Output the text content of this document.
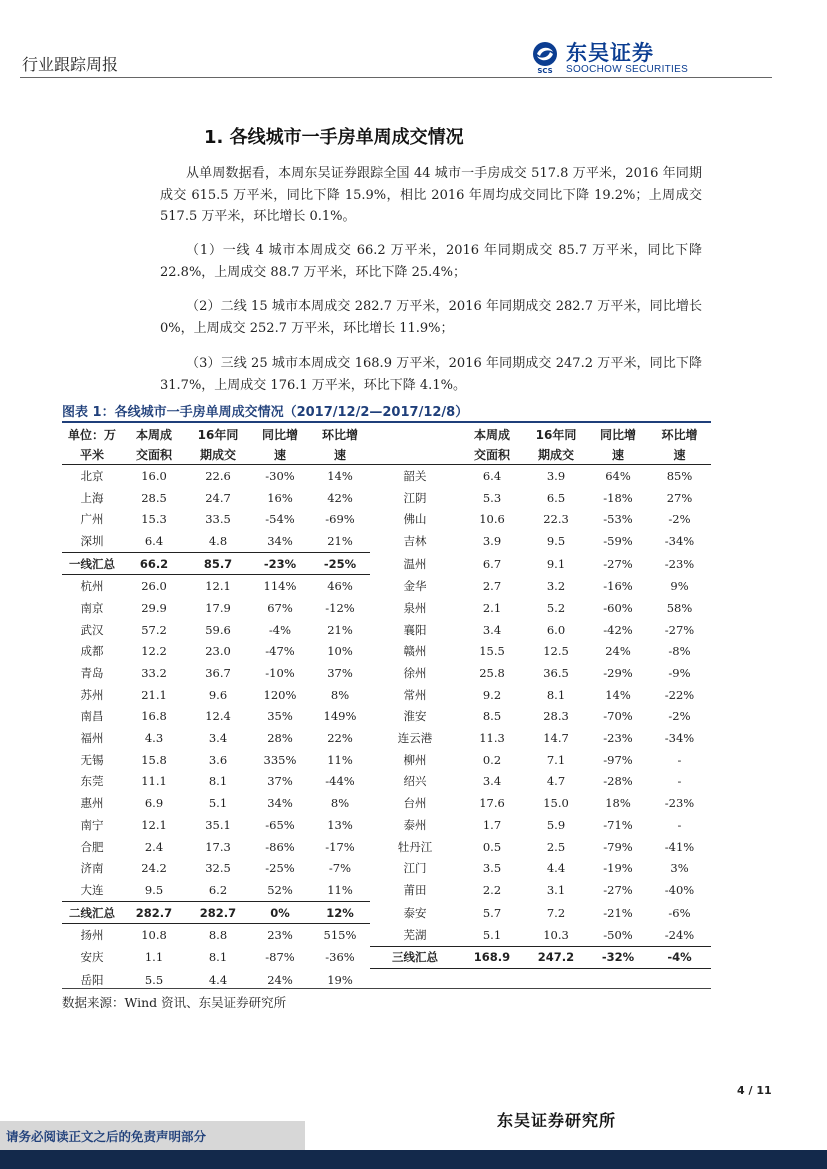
行业跟踪周报	SCS
东吴证券
SOOCHOW SECURITIES
-
1. 各线城市一手房单周成交情况
从单周数据看，本周东吴证券跟踪全国 44 城市一手房成交 517.8 万平米，2016 年同期成交 615.5 万平米，同比下降 15.9%，相比 2016 年周均成交同比下降 19.2%；上周成交 517.5 万平米，环比增长 0.1%。
（1）一线 4 城市本周成交 66.2 万平米，2016 年同期成交 85.7 万平米，同比下降 22.8%，上周成交 88.7 万平米，环比下降 25.4%；
（2）二线 15 城市本周成交 282.7 万平米，2016 年同期成交 282.7 万平米，同比增长 0%，上周成交 252.7 万平米，环比增长 11.9%；
（3）三线 25 城市本周成交 168.9 万平米，2016 年同期成交 247.2 万平米，同比下降 31.7%，上周成交 176.1 万平米，环比下降 4.1%。
图表 1：各线城市一手房单周成交情况（2017/12/2—2017/12/8）
单位：万	本周成	16年同	同比增	环比增		本周成	16年同	同比增	环比增
平米	交面积	期成交	速	速		交面积	期成交	速	速
北京	16.0	22.6	-30%	14%	韶关	6.4	3.9	64%	85%
上海	28.5	24.7	16%	42%	江阴	5.3	6.5	-18%	27%
广州	15.3	33.5	-54%	-69%	佛山	10.6	22.3	-53%	-2%
深圳	6.4	4.8	34%	21%	吉林	3.9	9.5	-59%	-34%
一线汇总	66.2	85.7	-23%	-25%	温州	6.7	9.1	-27%	-23%
杭州	26.0	12.1	114%	46%	金华	2.7	3.2	-16%	9%
南京	29.9	17.9	67%	-12%	泉州	2.1	5.2	-60%	58%
武汉	57.2	59.6	-4%	21%	襄阳	3.4	6.0	-42%	-27%
成都	12.2	23.0	-47%	10%	赣州	15.5	12.5	24%	-8%
青岛	33.2	36.7	-10%	37%	徐州	25.8	36.5	-29%	-9%
苏州	21.1	9.6	120%	8%	常州	9.2	8.1	14%	-22%
南昌	16.8	12.4	35%	149%	淮安	8.5	28.3	-70%	-2%
福州	4.3	3.4	28%	22%	连云港	11.3	14.7	-23%	-34%
无锡	15.8	3.6	335%	11%	柳州	0.2	7.1	-97%	-
东莞	11.1	8.1	37%	-44%	绍兴	3.4	4.7	-28%	-
惠州	6.9	5.1	34%	8%	台州	17.6	15.0	18%	-23%
南宁	12.1	35.1	-65%	13%	泰州	1.7	5.9	-71%	-
合肥	2.4	17.3	-86%	-17%	牡丹江	0.5	2.5	-79%	-41%
济南	24.2	32.5	-25%	-7%	江门	3.5	4.4	-19%	3%
大连	9.5	6.2	52%	11%	莆田	2.2	3.1	-27%	-40%
二线汇总	282.7	282.7	0%	12%	泰安	5.7	7.2	-21%	-6%
扬州	10.8	8.8	23%	515%	芜湖	5.1	10.3	-50%	-24%
安庆	1.1	8.1	-87%	-36%	三线汇总	168.9	247.2	-32%	-4%
岳阳	5.5	4.4	24%	19%					
数据来源：Wind 资讯、东吴证券研究所
4 / 11
东吴证券研究所
请务必阅读正文之后的免责声明部分
